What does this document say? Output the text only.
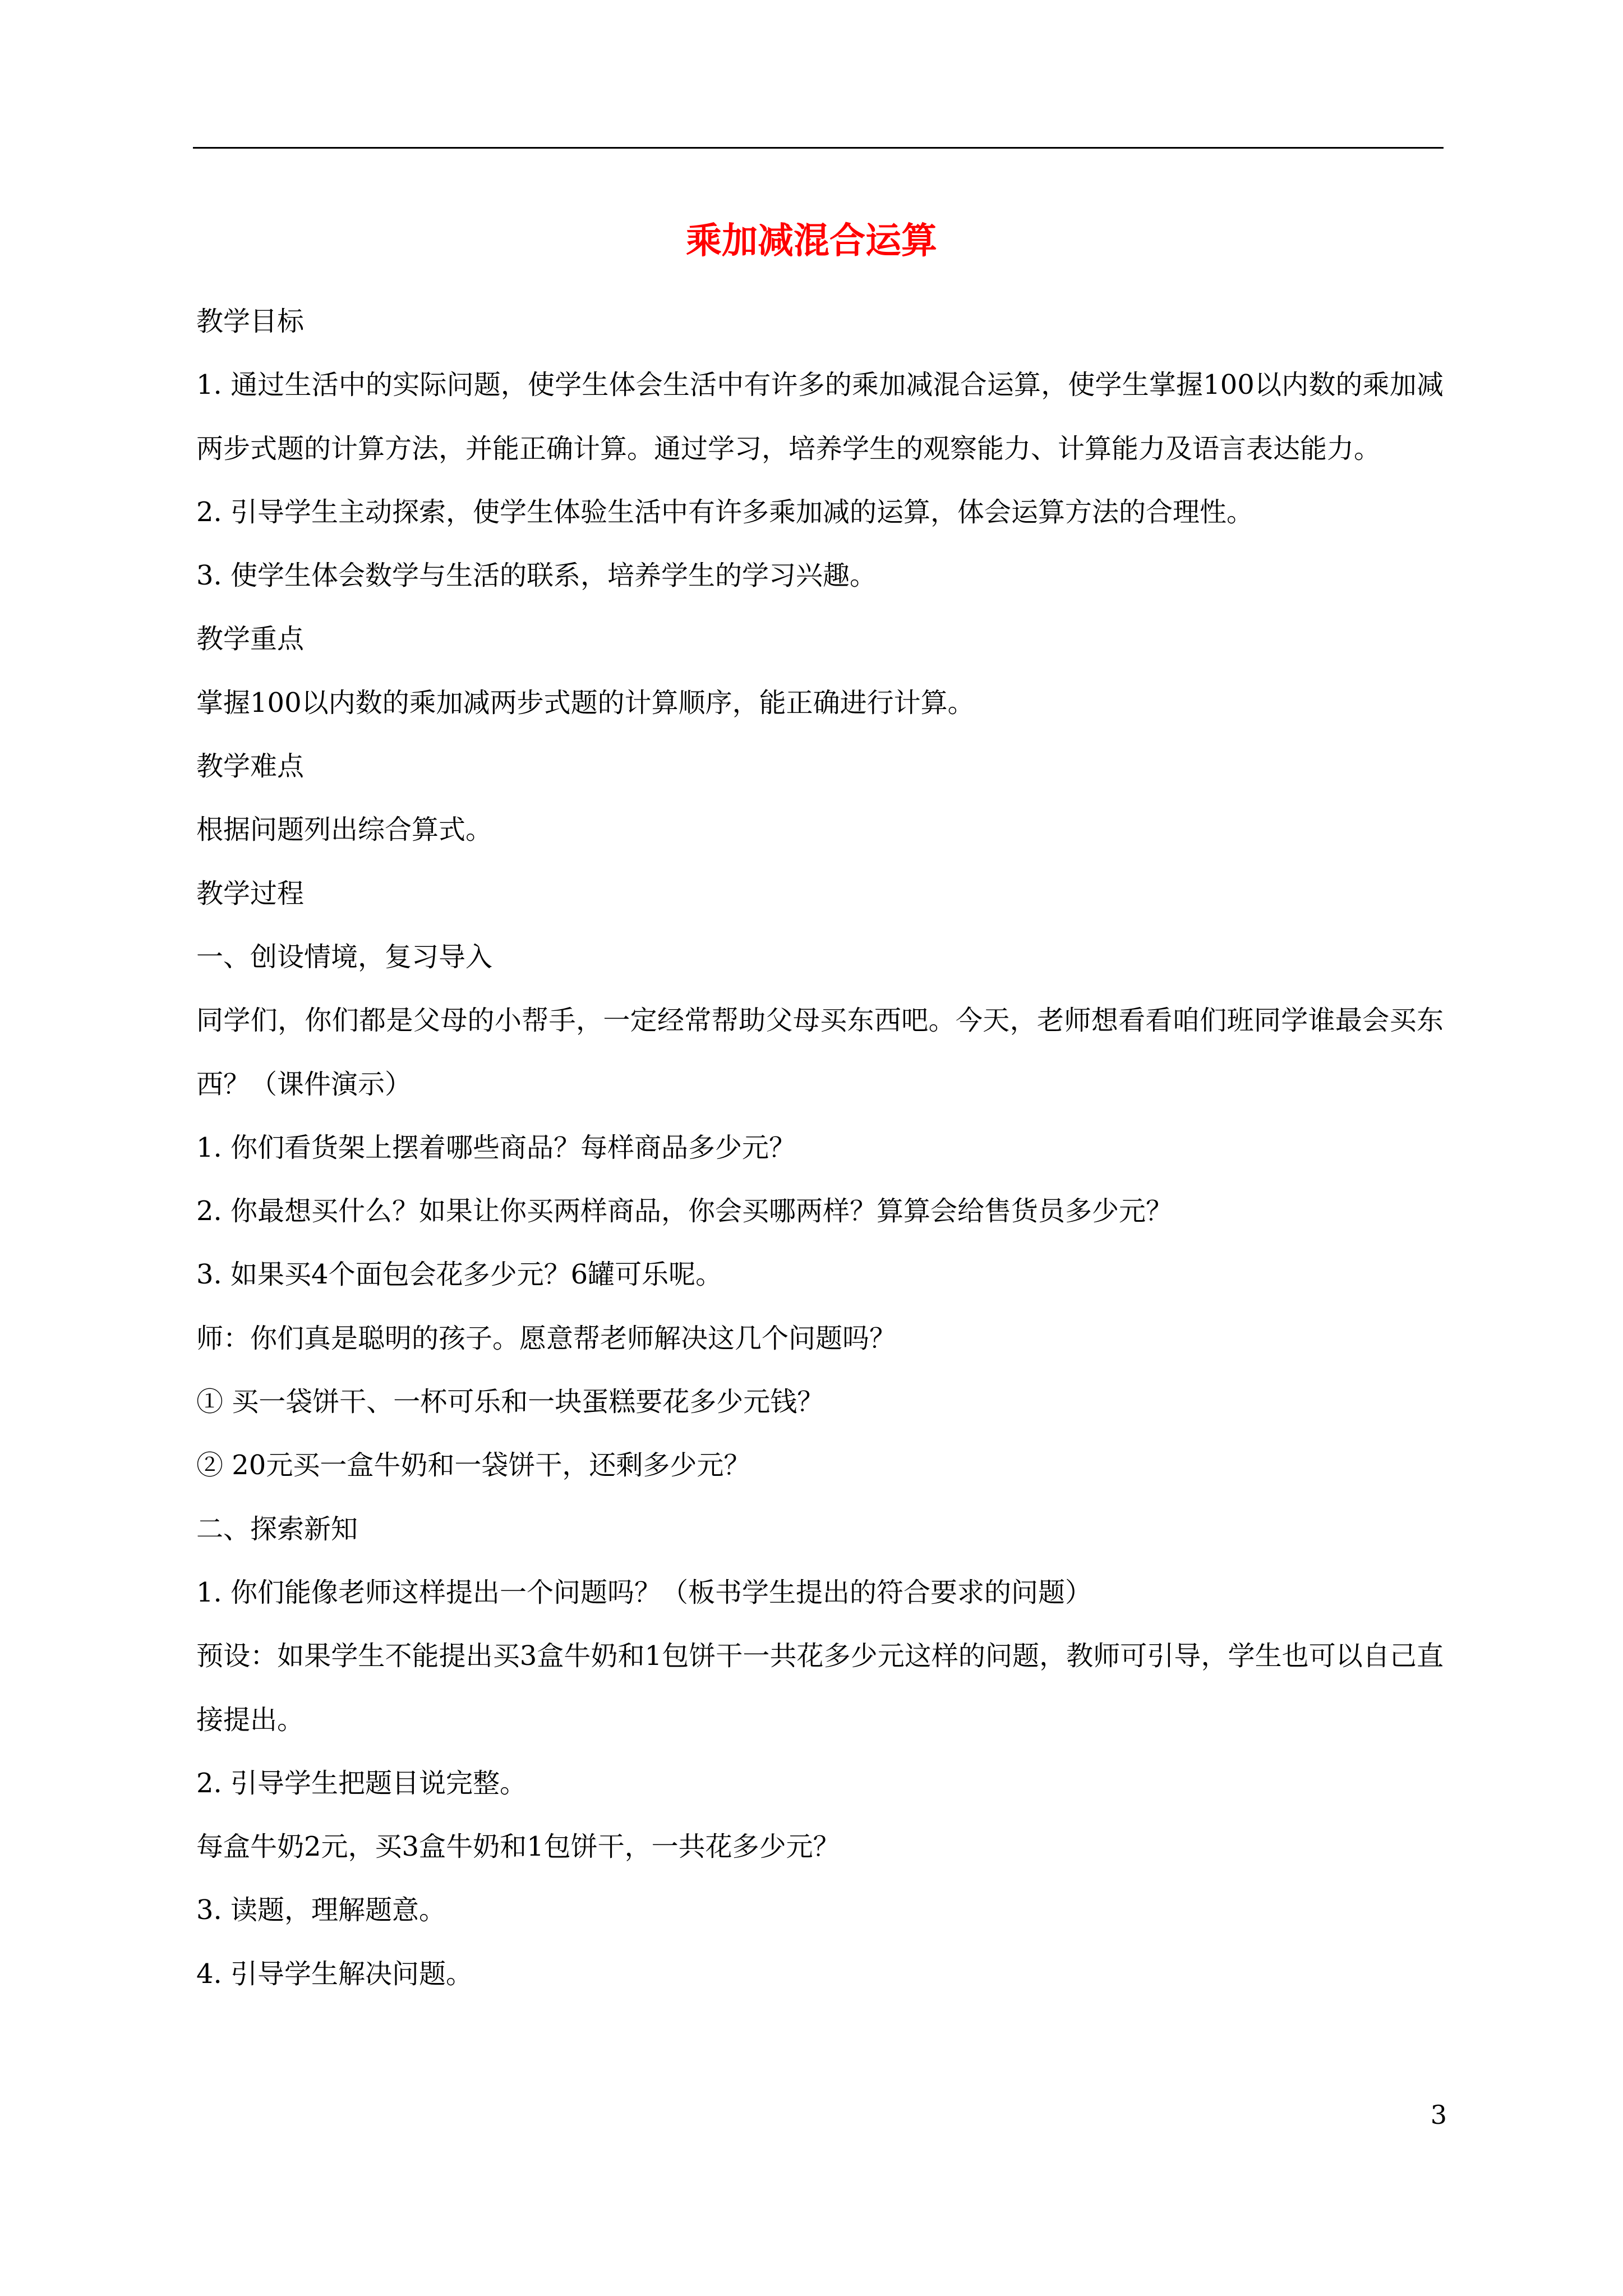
乘加减混合运算

教学目标

1. 通过生活中的实际问题，使学生体会生活中有许多的乘加减混合运算，使学生掌握100以内数的乘加减两步式题的计算方法，并能正确计算。通过学习，培养学生的观察能力、计算能力及语言表达能力。

2. 引导学生主动探索，使学生体验生活中有许多乘加减的运算，体会运算方法的合理性。

3. 使学生体会数学与生活的联系，培养学生的学习兴趣。

教学重点

掌握100以内数的乘加减两步式题的计算顺序，能正确进行计算。

教学难点

根据问题列出综合算式。

教学过程

一、创设情境，复习导入

同学们，你们都是父母的小帮手，一定经常帮助父母买东西吧。今天，老师想看看咱们班同学谁最会买东西？（课件演示）

1. 你们看货架上摆着哪些商品？每样商品多少元？

2. 你最想买什么？如果让你买两样商品，你会买哪两样？算算会给售货员多少元？

3. 如果买4个面包会花多少元？6罐可乐呢。

师：你们真是聪明的孩子。愿意帮老师解决这几个问题吗？

① 买一袋饼干、一杯可乐和一块蛋糕要花多少元钱？

② 20元买一盒牛奶和一袋饼干，还剩多少元？

二、探索新知

1. 你们能像老师这样提出一个问题吗？（板书学生提出的符合要求的问题）

预设：如果学生不能提出买3盒牛奶和1包饼干一共花多少元这样的问题，教师可引导，学生也可以自己直接提出。

2. 引导学生把题目说完整。

每盒牛奶2元，买3盒牛奶和1包饼干，一共花多少元？

3. 读题，理解题意。

4. 引导学生解决问题。

3
